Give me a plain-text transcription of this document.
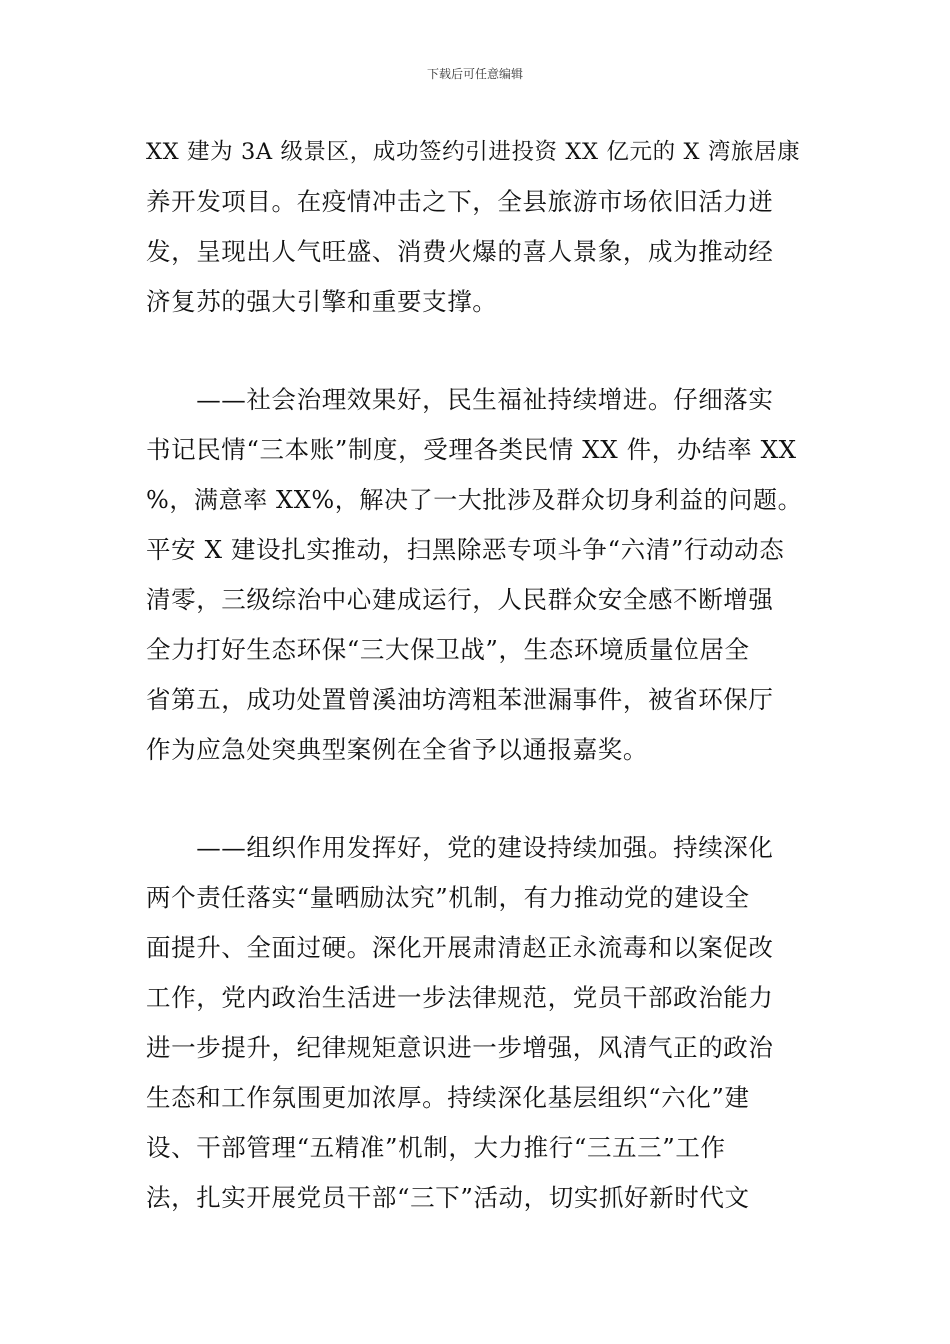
下载后可任意编辑
XX 建为 3A 级景区，成功签约引进投资 XX 亿元的 X 湾旅居康
养开发项目。在疫情冲击之下，全县旅游市场依旧活力迸
发，呈现出人气旺盛、消费火爆的喜人景象，成为推动经
济复苏的强大引擎和重要支撑。
　　——社会治理效果好，民生福祉持续增进。仔细落实
书记民情“三本账”制度，受理各类民情 XX 件，办结率 XX
%，满意率 XX%，解决了一大批涉及群众切身利益的问题。
平安 X 建设扎实推动，扫黑除恶专项斗争“六清”行动动态
清零，三级综治中心建成运行，人民群众安全感不断增强
全力打好生态环保“三大保卫战”，生态环境质量位居全
省第五，成功处置曾溪油坊湾粗苯泄漏事件，被省环保厅
作为应急处突典型案例在全省予以通报嘉奖。
　　——组织作用发挥好，党的建设持续加强。持续深化
两个责任落实“量晒励汰究”机制，有力推动党的建设全
面提升、全面过硬。深化开展肃清赵正永流毒和以案促改
工作，党内政治生活进一步法律规范，党员干部政治能力
进一步提升，纪律规矩意识进一步增强，风清气正的政治
生态和工作氛围更加浓厚。持续深化基层组织“六化”建
设、干部管理“五精准”机制，大力推行“三五三”工作
法，扎实开展党员干部“三下”活动，切实抓好新时代文
